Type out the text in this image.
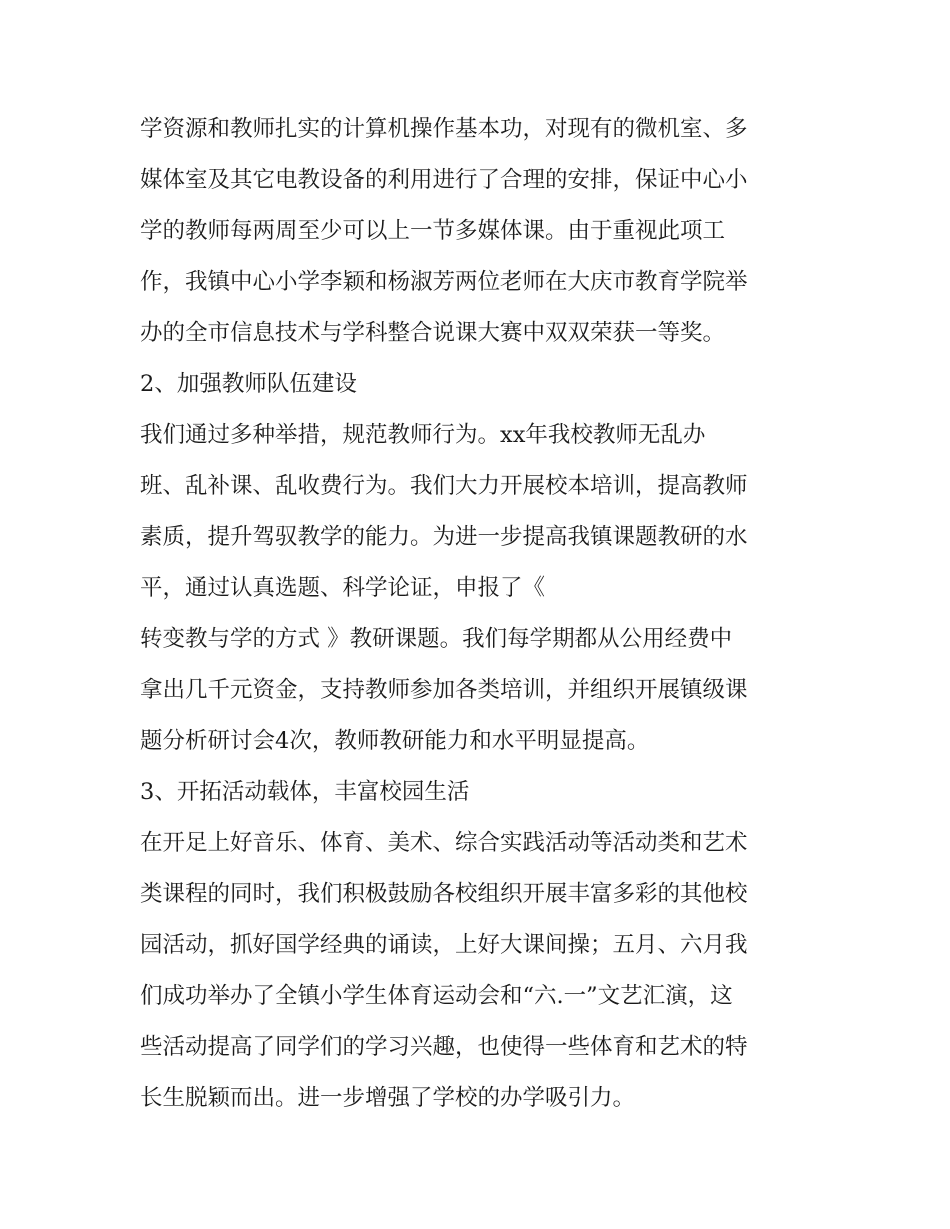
学资源和教师扎实的计算机操作基本功，对现有的微机室、多
媒体室及其它电教设备的利用进行了合理的安排，保证中心小
学的教师每两周至少可以上一节多媒体课。由于重视此项工
作，我镇中心小学李颖和杨淑芳两位老师在大庆市教育学院举
办的全市信息技术与学科整合说课大赛中双双荣获一等奖。
2、加强教师队伍建设
我们通过多种举措，规范教师行为。xx年我校教师无乱办
班、乱补课、乱收费行为。我们大力开展校本培训，提高教师
素质，提升驾驭教学的能力。为进一步提高我镇课题教研的水
平，通过认真选题、科学论证，申报了《
转变教与学的方式 》教研课题。我们每学期都从公用经费中
拿出几千元资金，支持教师参加各类培训，并组织开展镇级课
题分析研讨会4次，教师教研能力和水平明显提高。
3、开拓活动载体，丰富校园生活
在开足上好音乐、体育、美术、综合实践活动等活动类和艺术
类课程的同时，我们积极鼓励各校组织开展丰富多彩的其他校
园活动，抓好国学经典的诵读，上好大课间操；五月、六月我
们成功举办了全镇小学生体育运动会和“六.一”文艺汇演，这
些活动提高了同学们的学习兴趣，也使得一些体育和艺术的特
长生脱颖而出。进一步增强了学校的办学吸引力。
